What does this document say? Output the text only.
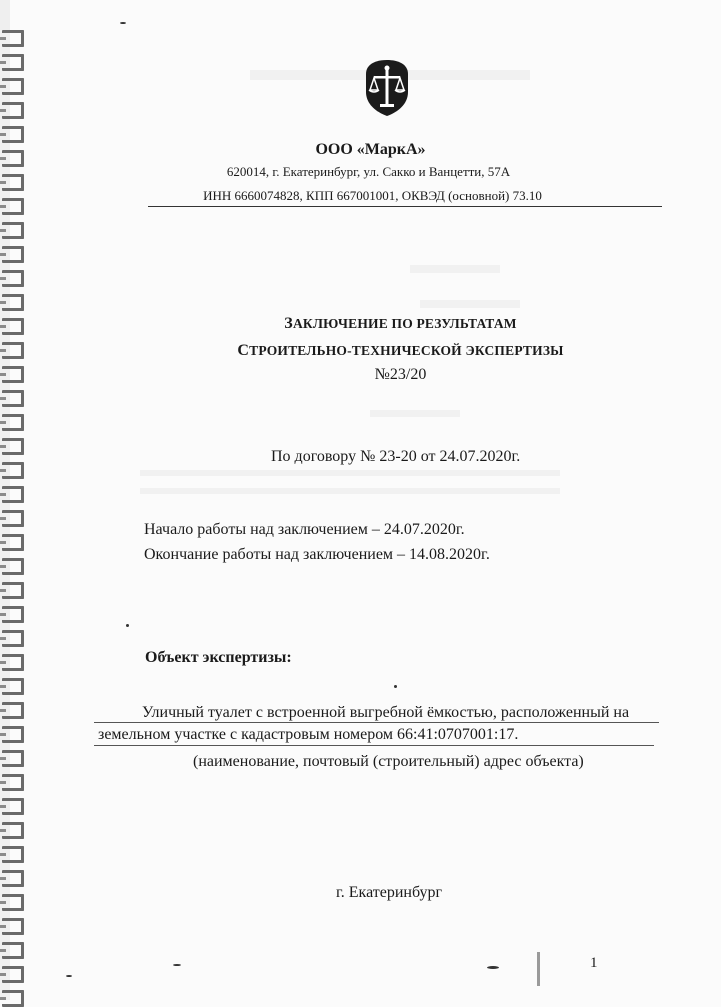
ООО «МаркА»
620014, г. Екатеринбург, ул. Сакко и Ванцетти, 57А
ИНН 6660074828, КПП 667001001, ОКВЭД (основной) 73.10
ЗАКЛЮЧЕНИЕ ПО РЕЗУЛЬТАТАМ
СТРОИТЕЛЬНО-ТЕХНИЧЕСКОЙ ЭКСПЕРТИЗЫ
№23/20
По договору № 23-20 от 24.07.2020г.
Начало работы над заключением – 24.07.2020г.
Окончание работы над заключением – 14.08.2020г.
Объект экспертизы:
Уличный туалет с встроенной выгребной ёмкостью, расположенный на
земельном участке с кадастровым номером 66:41:0707001:17.
(наименование, почтовый (строительный) адрес объекта)
г. Екатеринбург
1
